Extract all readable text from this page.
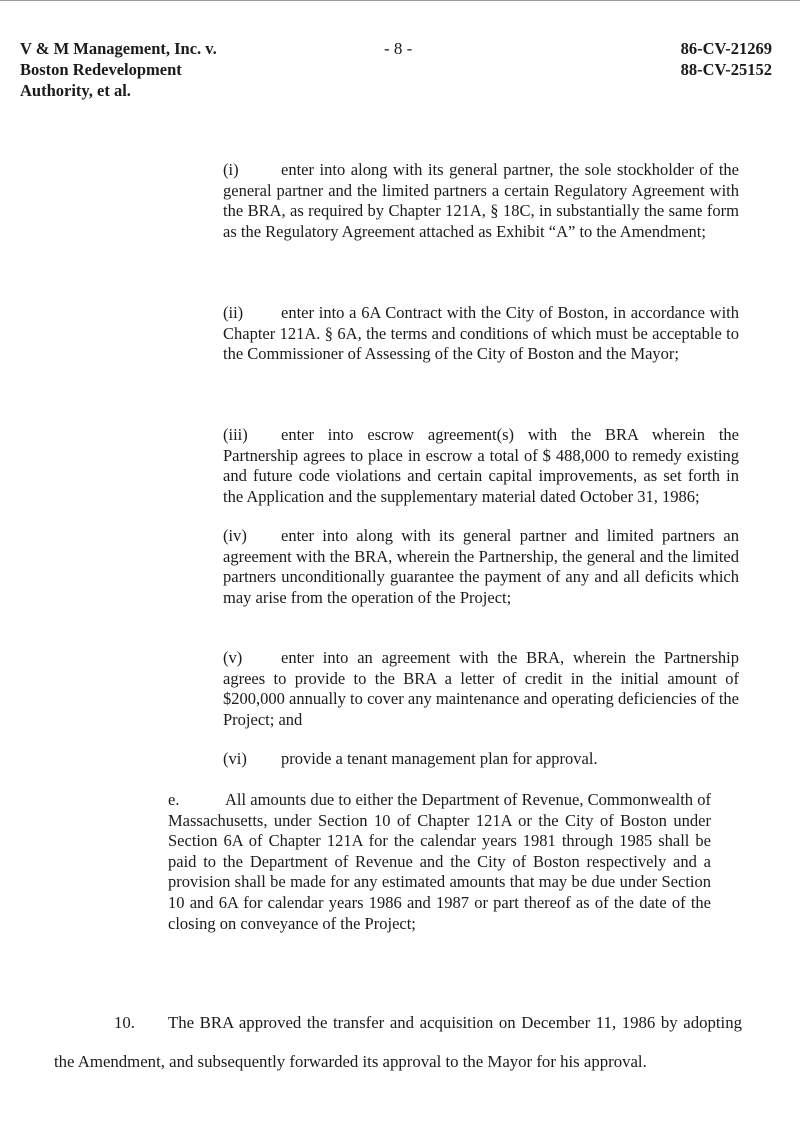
V & M Management, Inc. v.
Boston Redevelopment
Authority, et al.
- 8 -	86-CV-21269
88-CV-25152
(i)	enter into along with its general partner, the sole stockholder of the general partner and the limited partners a certain Regulatory Agreement with the BRA, as required by Chapter 121A, § 18C, in substantially the same form as the Regulatory Agreement attached as Exhibit “A” to the Amendment;
(ii) enter into a 6A Contract with the City of Boston, in accordance with Chapter 121A. § 6A, the terms and conditions of which must be acceptable to the Commissioner of Assessing of the City of Boston and the Mayor;
(iii) enter into escrow agreement(s) with the BRA wherein the Partnership agrees to place in escrow a total of $ 488,000 to remedy existing and future code violations and certain capital improvements, as set forth in the Application and the supplementary material dated October 31, 1986;
(iv) enter into along with its general partner and limited partners an agreement with the BRA, wherein the Partnership, the general and the limited partners unconditionally guarantee the payment of any and all deficits which may arise from the operation of the Project;
(v) enter into an agreement with the BRA, wherein the Partnership agrees to provide to the BRA a letter of credit in the initial amount of $200,000 annually to cover any maintenance and operating deficiencies of the Project; and
(vi) provide a tenant management plan for approval.
e.	All amounts due to either the Department of Revenue, Commonwealth of Massachusetts, under Section 10 of Chapter 121A or the City of Boston under Section 6A of Chapter 121A for the calendar years 1981 through 1985 shall be paid to the Department of Revenue and the City of Boston respectively and a provision shall be made for any estimated amounts that may be due under Section 10 and 6A for calendar years 1986 and 1987 or part thereof as of the date of the closing on conveyance of the Project;
10. The BRA approved the transfer and acquisition on December 11, 1986 by adopting the Amendment, and subsequently forwarded its approval to the Mayor for his approval.
